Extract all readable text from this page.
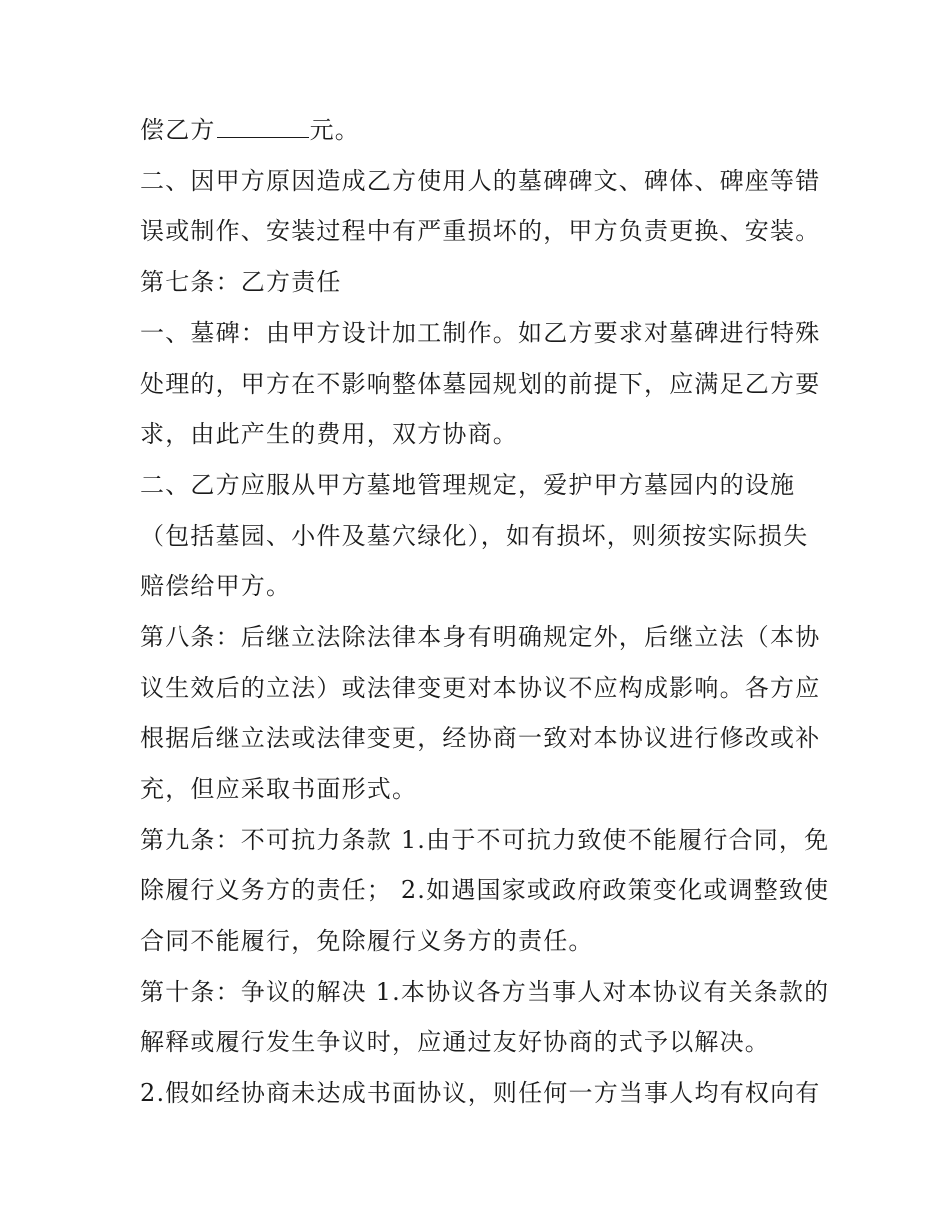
偿乙方	元。
二、因甲方原因造成乙方使用人的墓碑碑文、碑体、碑座等错
误或制作、安装过程中有严重损坏的，甲方负责更换、安装。
第七条：乙方责任
一、墓碑：由甲方设计加工制作。如乙方要求对墓碑进行特殊
处理的，甲方在不影响整体墓园规划的前提下，应满足乙方要
求，由此产生的费用，双方协商。
二、乙方应服从甲方墓地管理规定，爱护甲方墓园内的设施
（包括墓园、小件及墓穴绿化），如有损坏，则须按实际损失
赔偿给甲方。
第八条：后继立法除法律本身有明确规定外，后继立法（本协
议生效后的立法）或法律变更对本协议不应构成影响。各方应
根据后继立法或法律变更，经协商一致对本协议进行修改或补
充，但应采取书面形式。
第九条：不可抗力条款 1.由于不可抗力致使不能履行合同，免
除履行义务方的责任； 2.如遇国家或政府政策变化或调整致使
合同不能履行，免除履行义务方的责任。
第十条：争议的解决 1.本协议各方当事人对本协议有关条款的
解释或履行发生争议时，应通过友好协商的式予以解决。
2.假如经协商未达成书面协议，则任何一方当事人均有权向有
